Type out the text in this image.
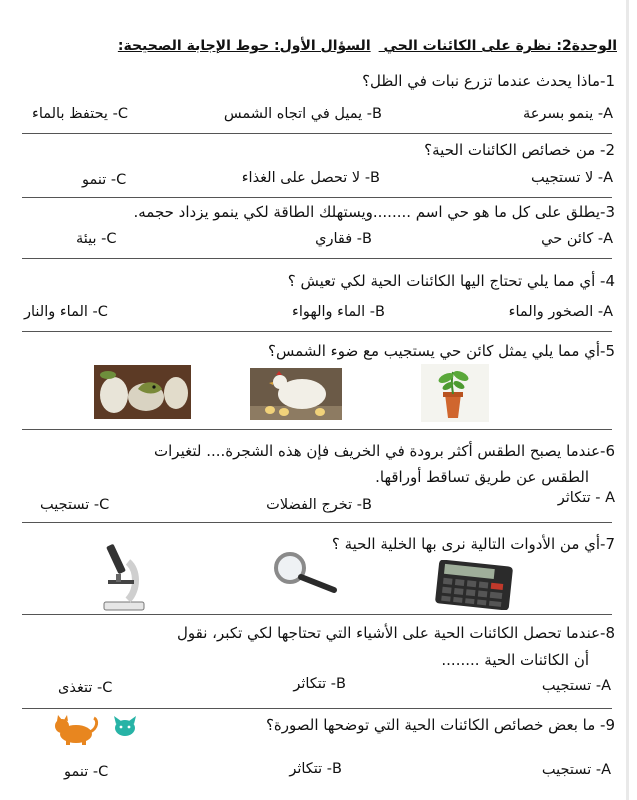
الوحدة2: نظرة على الكائنات الحي السؤال الأول: حوط الإجابة الصحيحة:
1-ماذا يحدث عندما تزرع نبات في الظل؟
A- ينمو بسرعة
B- يميل في اتجاه الشمس
C- يحتفظ بالماء
2- من خصائص الكائنات الحية؟
A- لا تستجيب
B- لا تحصل على الغذاء
C- تنمو
3-يطلق على كل ما هو حي اسم ........ويستهلك الطاقة لكي ينمو يزداد حجمه.
A- كائن حي
B- فقاري
C- بيئة
4- أي مما يلي تحتاج اليها الكائنات الحية لكي تعيش ؟
A- الصخور والماء
B- الماء والهواء
C- الماء والنار
5-أي مما يلي يمثل كائن حي يستجيب مع ضوء الشمس؟
6-عندما يصبح الطقس أكثر برودة في الخريف فإن هذه الشجرة.... لتغيرات
الطقس عن طريق تساقط أوراقها.
A - تتكاثر
B- تخرج الفضلات
C- تستجيب
7-أي من الأدوات التالية نرى بها الخلية الحية ؟
8-عندما تحصل الكائنات الحية على الأشياء التي تحتاجها لكي تكبر، نقول
أن الكائنات الحية ........
A- تستجيب
B- تتكاثر
C- تتغذى
9- ما بعض خصائص الكائنات الحية التي توضحها الصورة؟
A- تستجيب
B- تتكاثر
C- تنمو
